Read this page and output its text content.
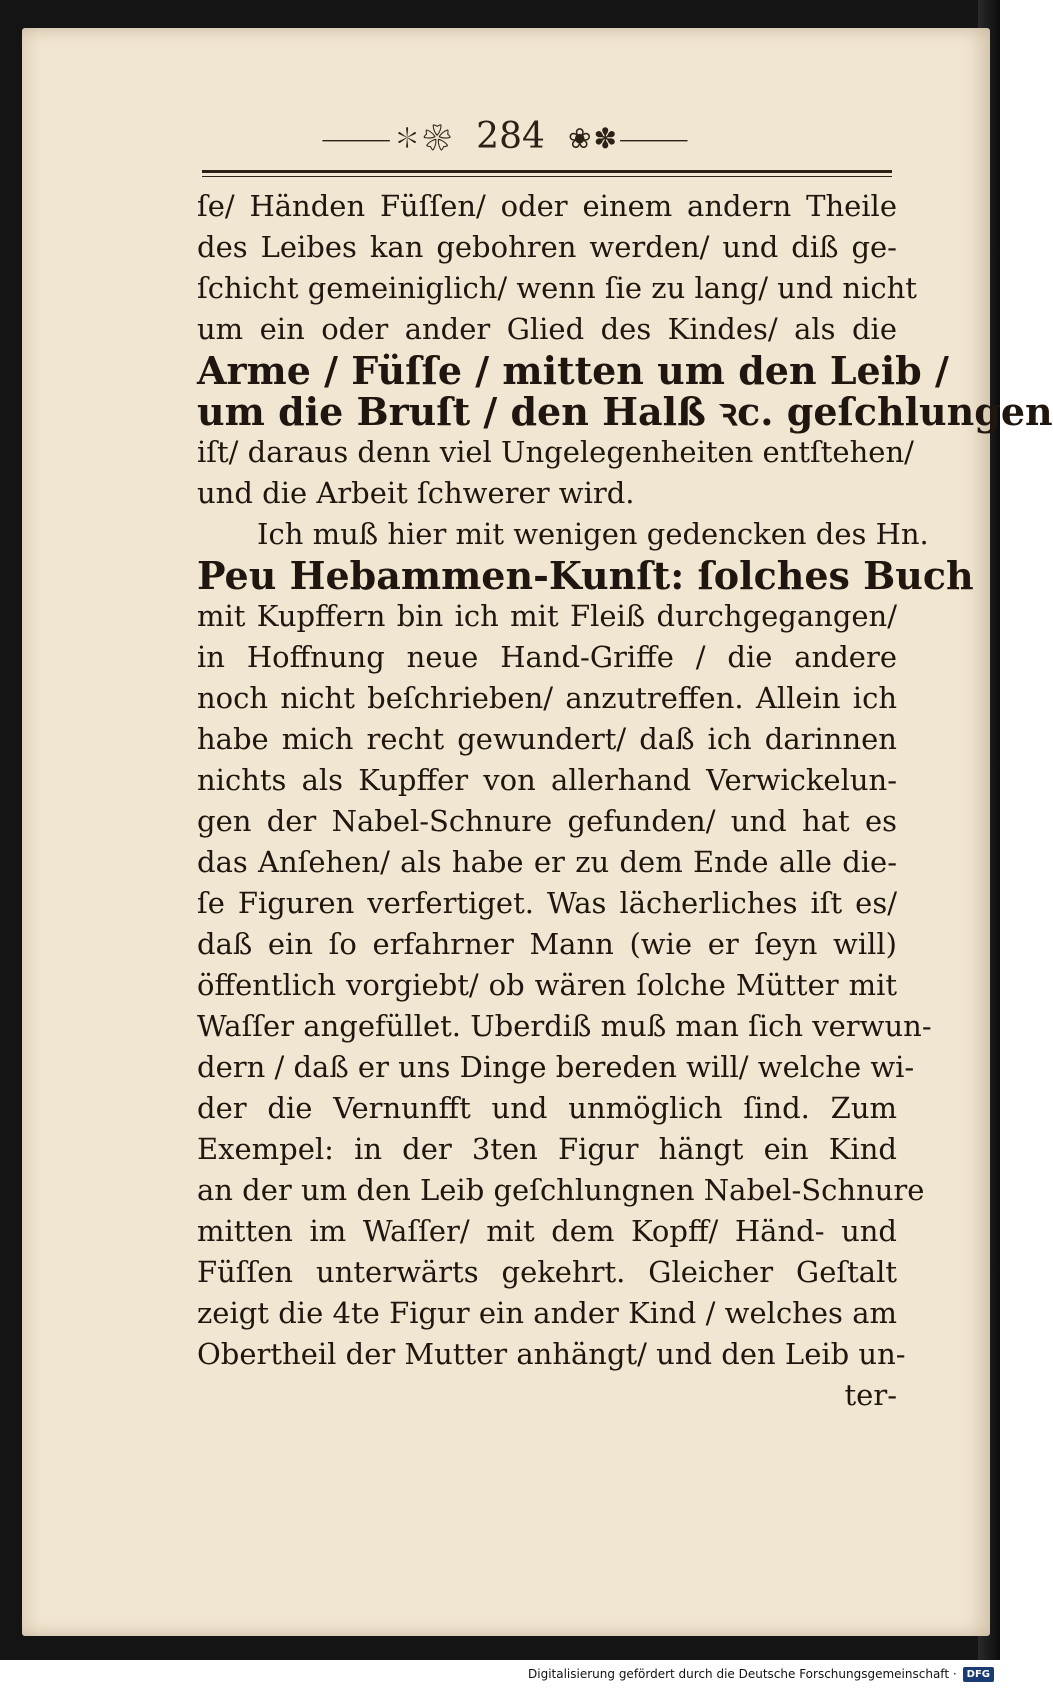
⸻✽❀ 284 ❀✽⸻
ſe/ Händen Füſſen/ oder einem andern Theile
des Leibes kan gebohren werden/ und diß ge-
ſchicht gemeiniglich/ wenn ſie zu lang/ und nicht
um ein oder ander Glied des Kindes/ als die
Arme / Füſſe / mitten um den Leib /
um die Bruſt / den Halß ꝛc. geſchlungen
iſt/ daraus denn viel Ungelegenheiten entſtehen/
und die Arbeit ſchwerer wird.
Ich muß hier mit wenigen gedencken des Hn.
Peu Hebammen-Kunſt: ſolches Buch
mit Kupffern bin ich mit Fleiß durchgegangen/
in Hoffnung neue Hand-Griffe / die andere
noch nicht beſchrieben/ anzutreffen. Allein ich
habe mich recht gewundert/ daß ich darinnen
nichts als Kupffer von allerhand Verwickelun-
gen der Nabel-Schnure gefunden/ und hat es
das Anſehen/ als habe er zu dem Ende alle die-
ſe Figuren verfertiget. Was lächerliches iſt es/
daß ein ſo erfahrner Mann (wie er ſeyn will)
öffentlich vorgiebt/ ob wären ſolche Mütter mit
Waſſer angefüllet. Uberdiß muß man ſich verwun-
dern / daß er uns Dinge bereden will/ welche wi-
der die Vernunfft und unmöglich ſind. Zum
Exempel: in der 3ten Figur hängt ein Kind
an der um den Leib geſchlungnen Nabel-Schnure
mitten im Waſſer/ mit dem Kopff/ Händ- und
Füſſen unterwärts gekehrt. Gleicher Geſtalt
zeigt die 4te Figur ein ander Kind / welches am
Obertheil der Mutter anhängt/ und den Leib un-
ter-
Digitalisierung gefördert durch die Deutsche Forschungsgemeinschaft ·	DFG
